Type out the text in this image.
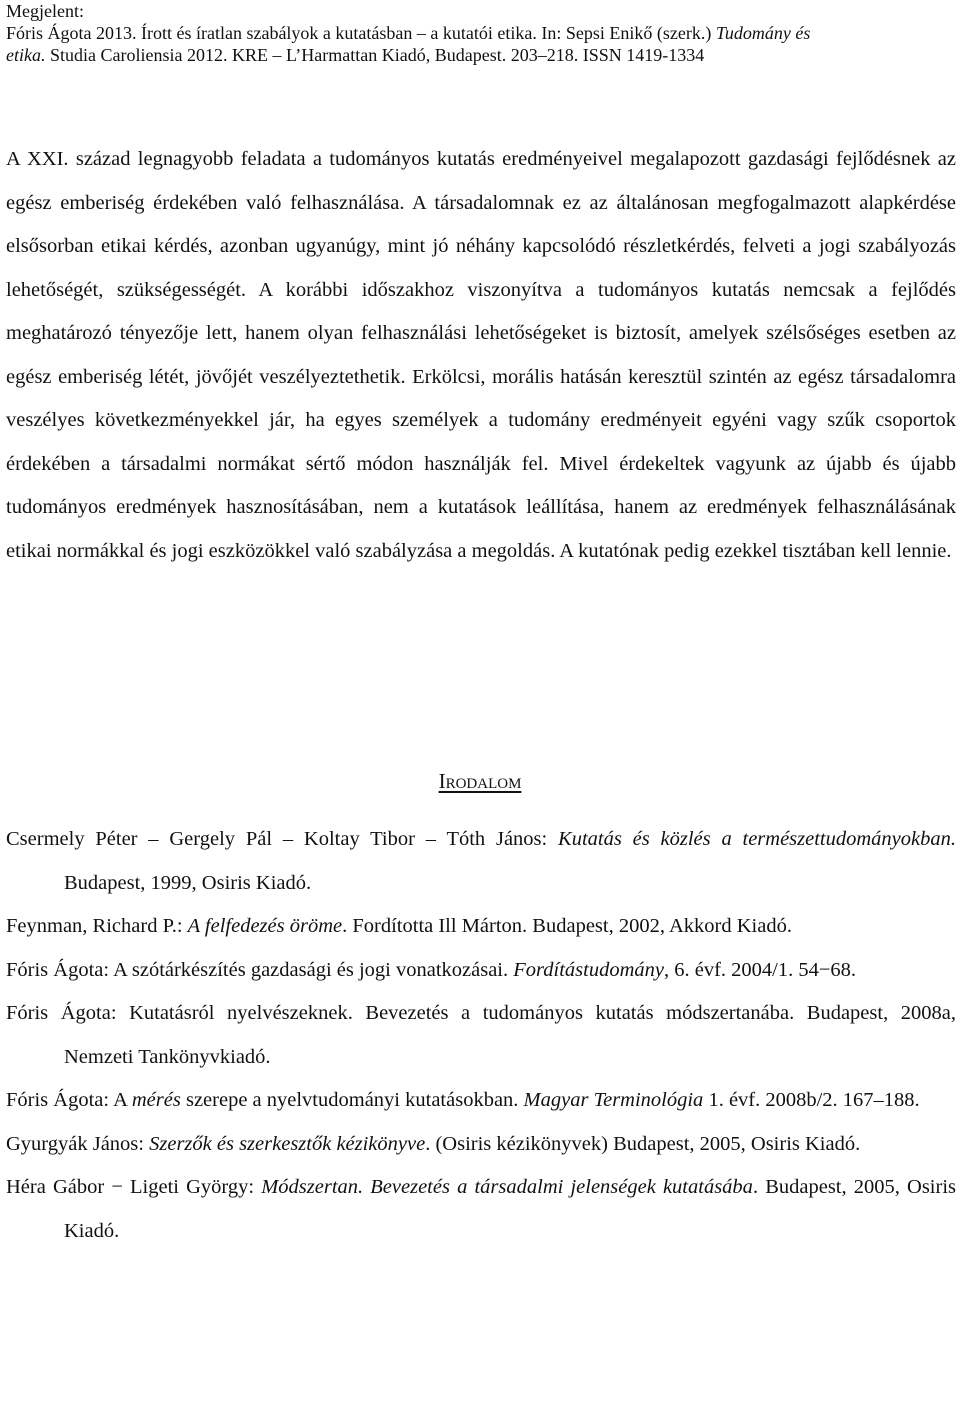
Megjelent:
Fóris Ágota 2013. Írott és íratlan szabályok a kutatásban – a kutatói etika. In: Sepsi Enikő (szerk.) Tudomány és
etika. Studia Caroliensia 2012. KRE – L’Harmattan Kiadó, Budapest. 203–218. ISSN 1419-1334

A XXI. század legnagyobb feladata a tudományos kutatás eredményeivel megalapozott gazdasági fejlődésnek az egész emberiség érdekében való felhasználása. A társadalomnak ez az általánosan megfogalmazott alapkérdése elsősorban etikai kérdés, azonban ugyanúgy, mint jó néhány kapcsolódó részletkérdés, felveti a jogi szabályozás lehetőségét, szükségességét. A korábbi időszakhoz viszonyítva a tudományos kutatás nemcsak a fejlődés meghatározó tényezője lett, hanem olyan felhasználási lehetőségeket is biztosít, amelyek szélsőséges esetben az egész emberiség létét, jövőjét veszélyeztethetik. Erkölcsi, morális hatásán keresztül szintén az egész társadalomra veszélyes következményekkel jár, ha egyes személyek a tudomány eredményeit egyéni vagy szűk csoportok érdekében a társadalmi normákat sértő módon használják fel. Mivel érdekeltek vagyunk az újabb és újabb tudományos eredmények hasznosításában, nem a kutatások leállítása, hanem az eredmények felhasználásának etikai normákkal és jogi eszközökkel való szabályzása a megoldás. A kutatónak pedig ezekkel tisztában kell lennie.

Irodalom

Csermely Péter – Gergely Pál – Koltay Tibor – Tóth János: Kutatás és közlés a természettudományokban. Budapest, 1999, Osiris Kiadó.

Feynman, Richard P.: A felfedezés öröme. Fordította Ill Márton. Budapest, 2002, Akkord Kiadó.

Fóris Ágota: A szótárkészítés gazdasági és jogi vonatkozásai. Fordítástudomány, 6. évf. 2004/1. 54−68.

Fóris Ágota: Kutatásról nyelvészeknek. Bevezetés a tudományos kutatás módszertanába. Budapest, 2008a, Nemzeti Tankönyvkiadó.

Fóris Ágota: A mérés szerepe a nyelvtudományi kutatásokban. Magyar Terminológia 1. évf. 2008b/2. 167–188.

Gyurgyák János: Szerzők és szerkesztők kézikönyve. (Osiris kézikönyvek) Budapest, 2005, Osiris Kiadó.

Héra Gábor − Ligeti György: Módszertan. Bevezetés a társadalmi jelenségek kutatásába. Budapest, 2005, Osiris Kiadó.
